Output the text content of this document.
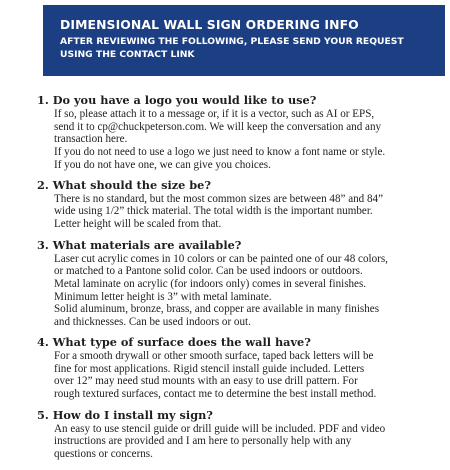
DIMENSIONAL WALL SIGN ORDERING INFO
AFTER REVIEWING THE FOLLOWING, PLEASE SEND YOUR REQUEST
USING THE CONTACT LINK
1. Do you have a logo you would like to use?
If so, please attach it to a message or, if it is a vector, such as AI or EPS,
send it to cp@chuckpeterson.com. We will keep the conversation and any
transaction here.
If you do not need to use a logo we just need to know a font name or style.
If you do not have one, we can give you choices.
2. What should the size be?
There is no standard, but the most common sizes are between 48” and 84”
wide using 1/2” thick material. The total width is the important number.
Letter height will be scaled from that.
3. What materials are available?
Laser cut acrylic comes in 10 colors or can be painted one of our 48 colors,
or matched to a Pantone solid color. Can be used indoors or outdoors.
Metal laminate on acrylic (for indoors only) comes in several finishes.
Minimum letter height is 3” with metal laminate.
Solid aluminum, bronze, brass, and copper are available in many finishes
and thicknesses. Can be used indoors or out.
4. What type of surface does the wall have?
For a smooth drywall or other smooth surface, taped back letters will be
fine for most applications. Rigid stencil install guide included. Letters
over 12” may need stud mounts with an easy to use drill pattern. For
rough textured surfaces, contact me to determine the best install method.
5. How do I install my sign?
An easy to use stencil guide or drill guide will be included. PDF and video
instructions are provided and I am here to personally help with any
questions or concerns.
